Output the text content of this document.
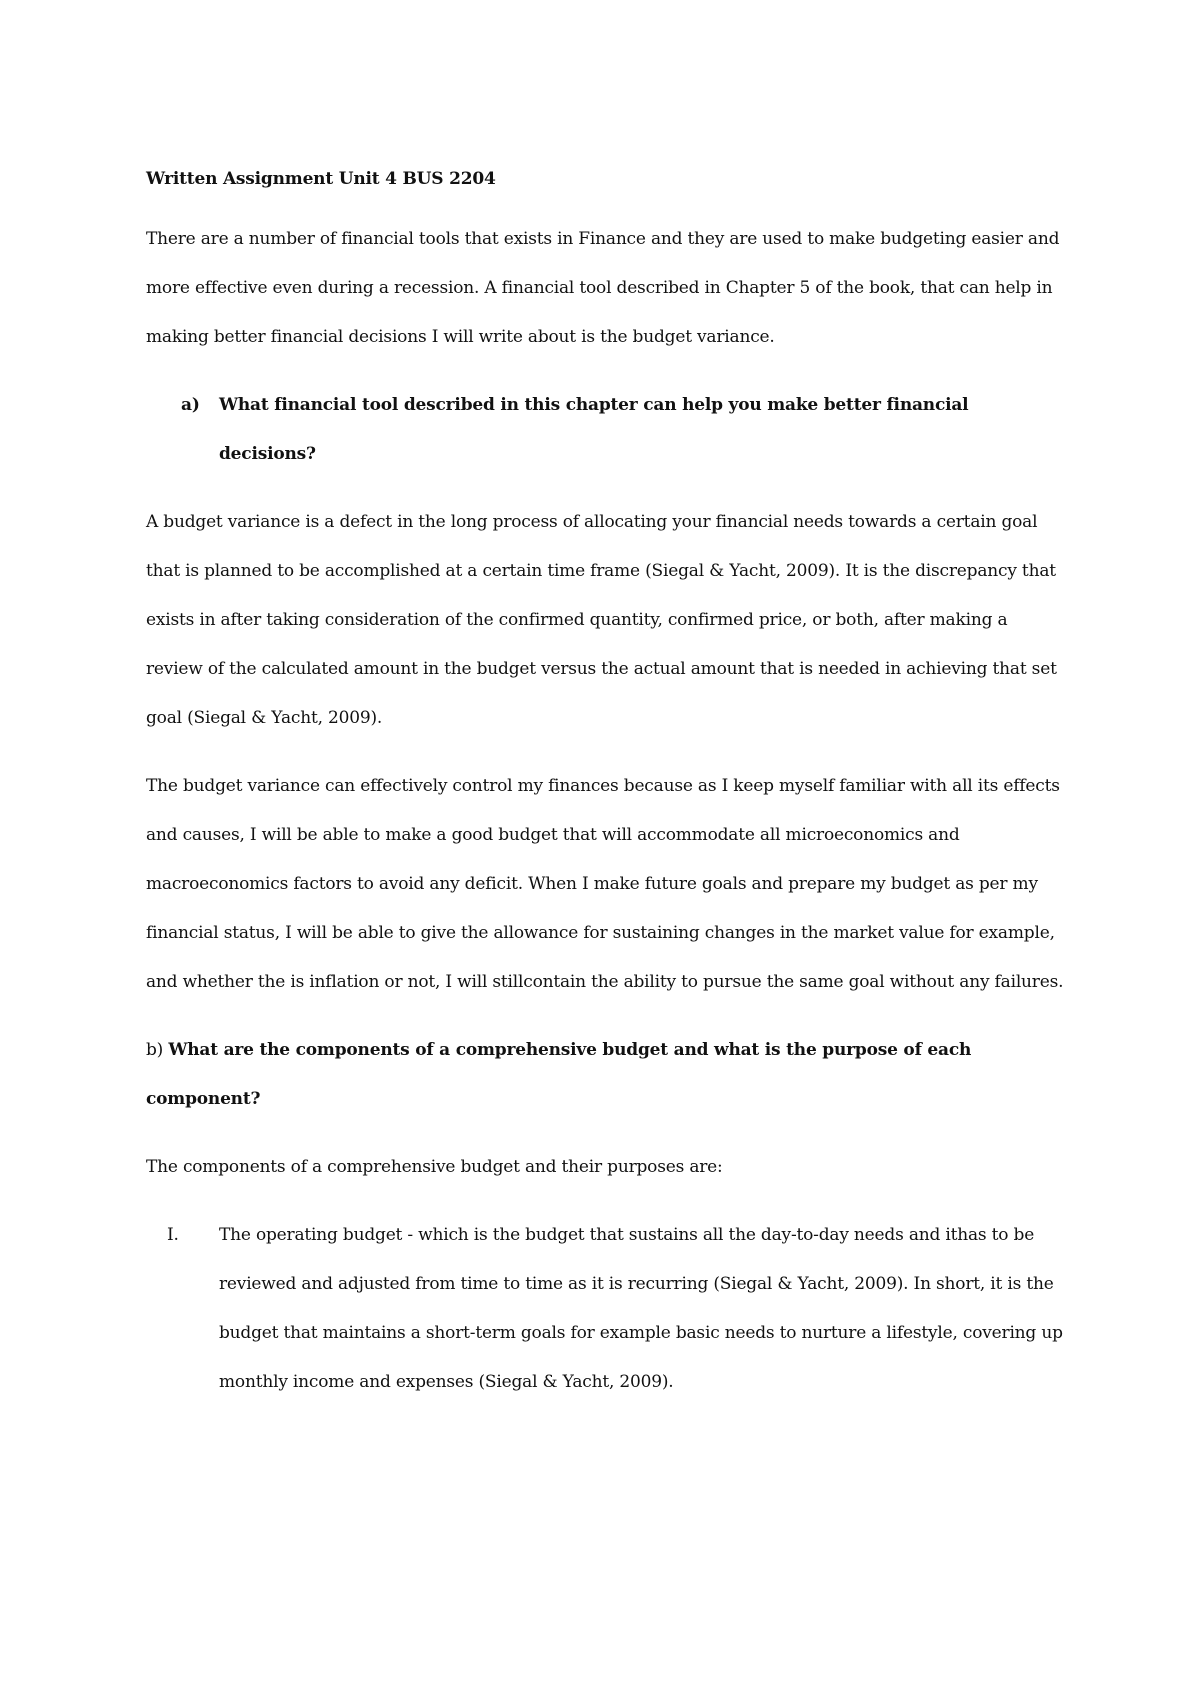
Written Assignment Unit 4 BUS 2204

There are a number of financial tools that exists in Finance and they are used to make budgeting easier and more effective even during a recession. A financial tool described in Chapter 5 of the book, that can help in making better financial decisions I will write about is the budget variance.

a) What financial tool described in this chapter can help you make better financial decisions?

A budget variance is a defect in the long process of allocating your financial needs towards a certain goal that is planned to be accomplished at a certain time frame (Siegal & Yacht, 2009). It is the discrepancy that exists in after taking consideration of the confirmed quantity, confirmed price, or both, after making a review of the calculated amount in the budget versus the actual amount that is needed in achieving that set goal (Siegal & Yacht, 2009).

The budget variance can effectively control my finances because as I keep myself familiar with all its effects and causes, I will be able to make a good budget that will accommodate all microeconomics and macroeconomics factors to avoid any deficit. When I make future goals and prepare my budget as per my financial status, I will be able to give the allowance for sustaining changes in the market value for example, and whether the is inflation or not, I will stillcontain the ability to pursue the same goal without any failures.

b) What are the components of a comprehensive budget and what is the purpose of each component?

The components of a comprehensive budget and their purposes are:

I. The operating budget - which is the budget that sustains all the day-to-day needs and ithas to be reviewed and adjusted from time to time as it is recurring (Siegal & Yacht, 2009). In short, it is the budget that maintains a short-term goals for example basic needs to nurture a lifestyle, covering up monthly income and expenses (Siegal & Yacht, 2009).
